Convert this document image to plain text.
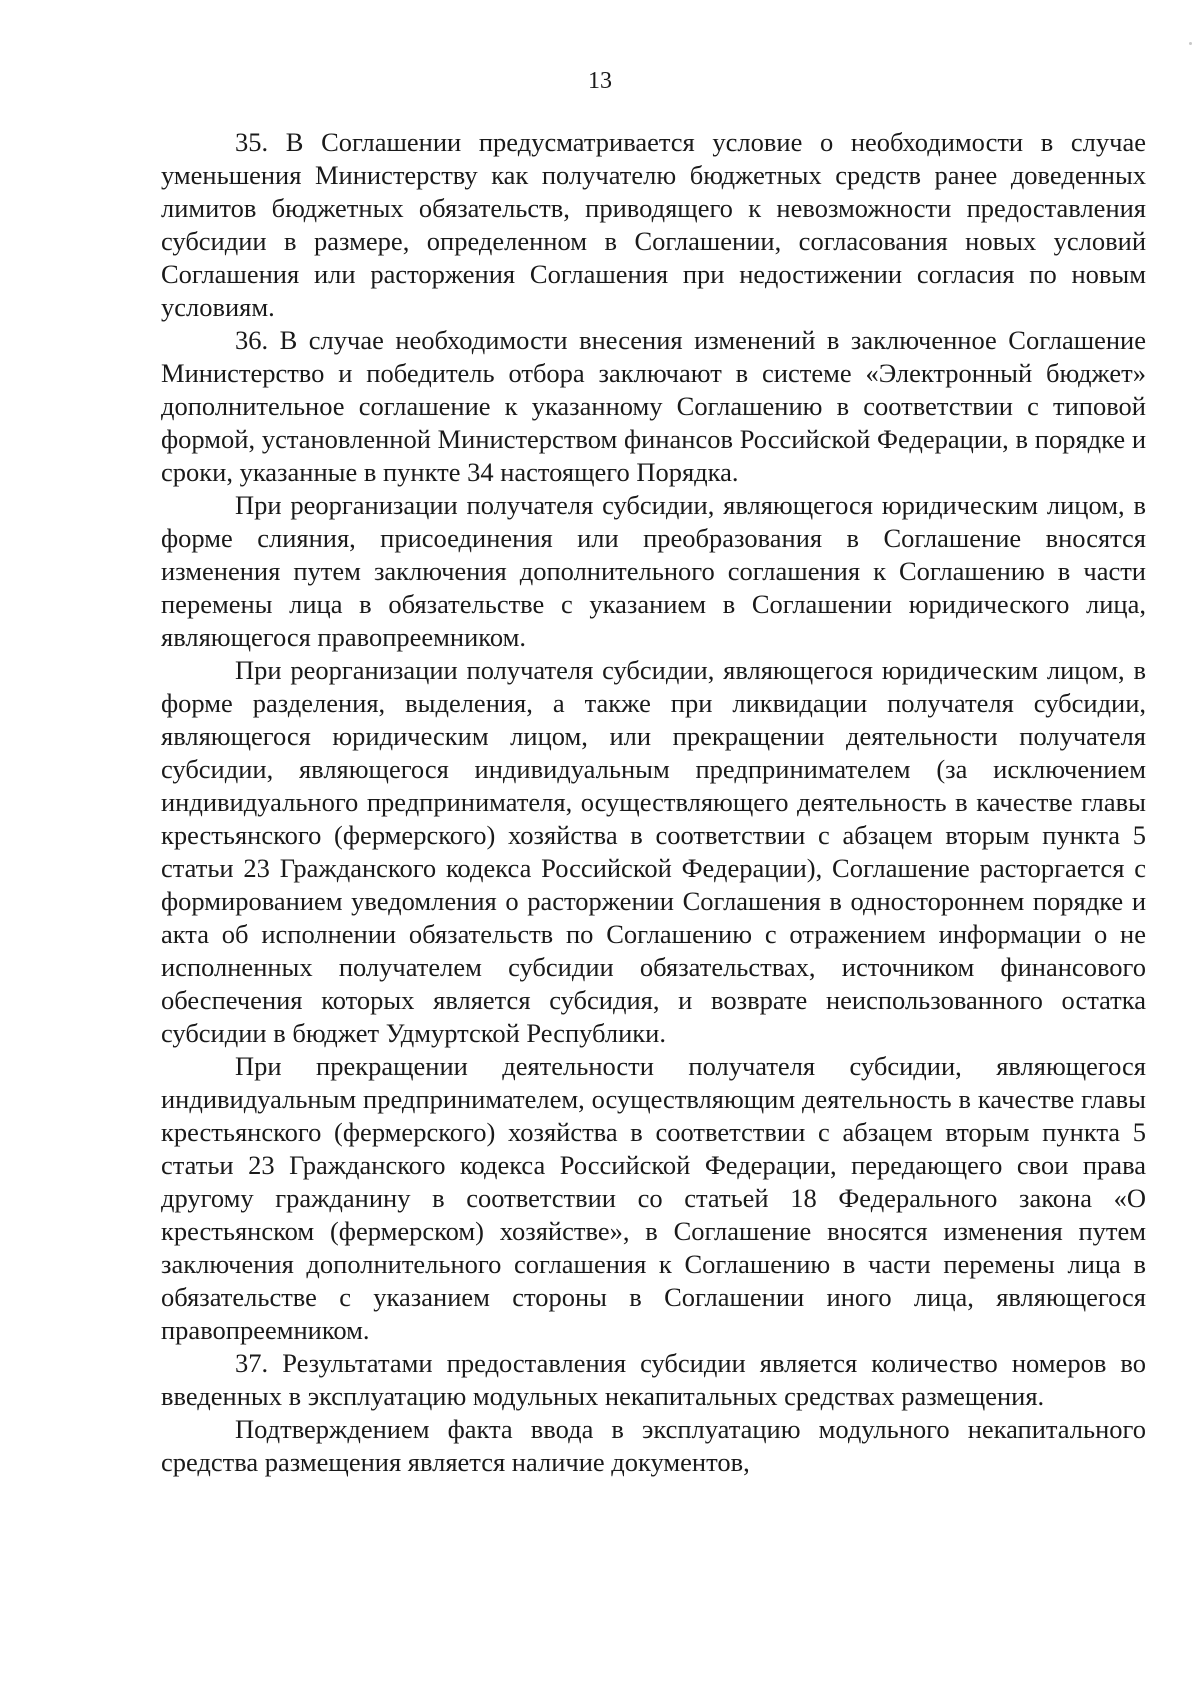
13

35. В Соглашении предусматривается условие о необходимости в случае уменьшения Министерству как получателю бюджетных средств ранее доведенных лимитов бюджетных обязательств, приводящего к невозможности предоставления субсидии в размере, определенном в Соглашении, согласования новых условий Соглашения или расторжения Соглашения при недостижении согласия по новым условиям.

36. В случае необходимости внесения изменений в заключенное Соглашение Министерство и победитель отбора заключают в системе «Электронный бюджет» дополнительное соглашение к указанному Соглашению в соответствии с типовой формой, установленной Министерством финансов Российской Федерации, в порядке и сроки, указанные в пункте 34 настоящего Порядка.

При реорганизации получателя субсидии, являющегося юридическим лицом, в форме слияния, присоединения или преобразования в Соглашение вносятся изменения путем заключения дополнительного соглашения к Соглашению в части перемены лица в обязательстве с указанием в Соглашении юридического лица, являющегося правопреемником.

При реорганизации получателя субсидии, являющегося юридическим лицом, в форме разделения, выделения, а также при ликвидации получателя субсидии, являющегося юридическим лицом, или прекращении деятельности получателя субсидии, являющегося индивидуальным предпринимателем (за исключением индивидуального предпринимателя, осуществляющего деятельность в качестве главы крестьянского (фермерского) хозяйства в соответствии с абзацем вторым пункта 5 статьи 23 Гражданского кодекса Российской Федерации), Соглашение расторгается с формированием уведомления о расторжении Соглашения в одностороннем порядке и акта об исполнении обязательств по Соглашению с отражением информации о не исполненных получателем субсидии обязательствах, источником финансового обеспечения которых является субсидия, и возврате неиспользованного остатка субсидии в бюджет Удмуртской Республики.

При прекращении деятельности получателя субсидии, являющегося индивидуальным предпринимателем, осуществляющим деятельность в качестве главы крестьянского (фермерского) хозяйства в соответствии с абзацем вторым пункта 5 статьи 23 Гражданского кодекса Российской Федерации, передающего свои права другому гражданину в соответствии со статьей 18 Федерального закона «О крестьянском (фермерском) хозяйстве», в Соглашение вносятся изменения путем заключения дополнительного соглашения к Соглашению в части перемены лица в обязательстве с указанием стороны в Соглашении иного лица, являющегося правопреемником.

37. Результатами предоставления субсидии является количество номеров во введенных в эксплуатацию модульных некапитальных средствах размещения.

Подтверждением факта ввода в эксплуатацию модульного некапитального средства размещения является наличие документов,
